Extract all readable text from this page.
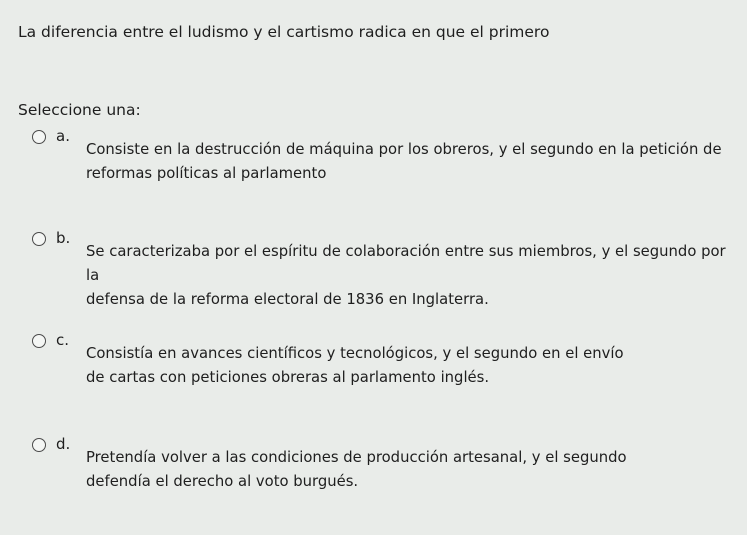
La diferencia entre el ludismo y el cartismo radica en que el primero
Seleccione una:
a.
Consiste en la destrucción de máquina por los obreros, y el segundo en la petición de
reformas políticas al parlamento
b.
Se caracterizaba por el espíritu de colaboración entre sus miembros, y el segundo por la
defensa de la reforma electoral de 1836 en Inglaterra.
c.
Consistía en avances científicos y tecnológicos, y el segundo en el envío
de cartas con peticiones obreras al parlamento inglés.
d.
Pretendía volver a las condiciones de producción artesanal, y el segundo
defendía el derecho al voto burgués.
